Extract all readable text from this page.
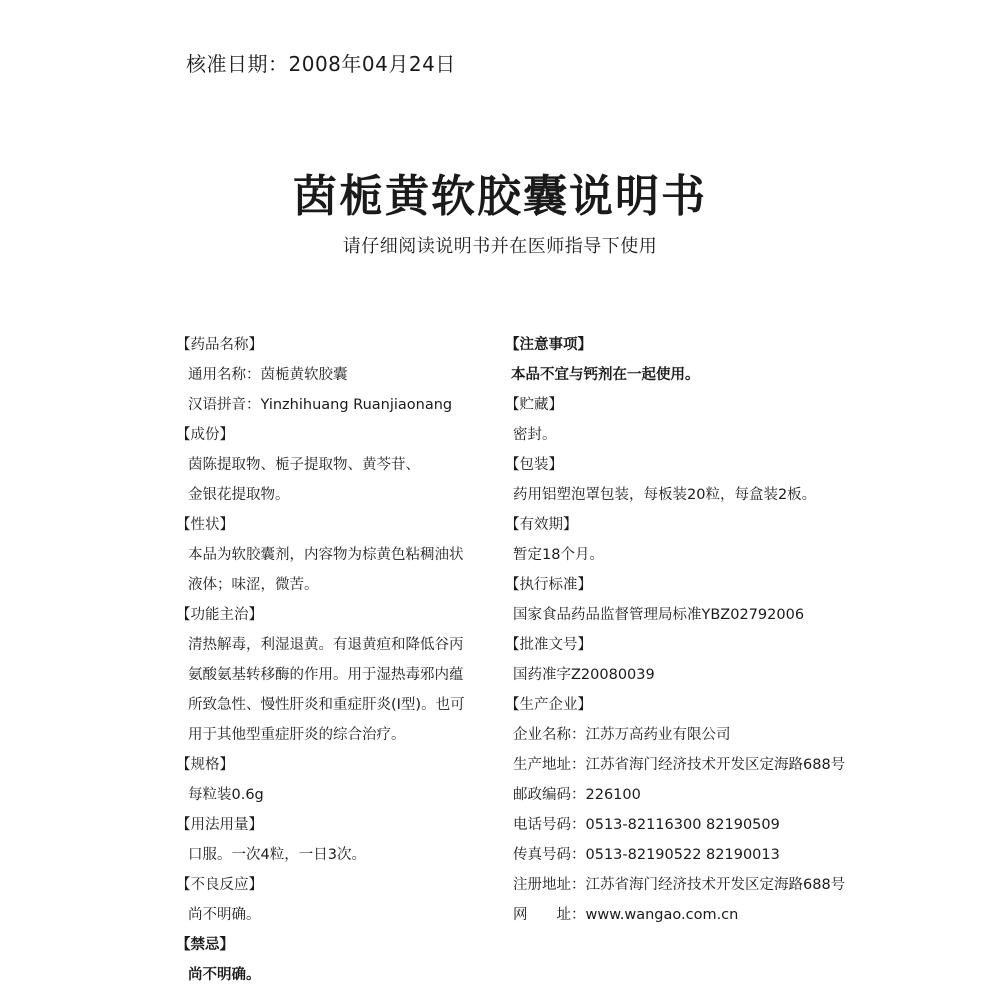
核准日期：2008年04月24日
茵栀黄软胶囊说明书
请仔细阅读说明书并在医师指导下使用
【药品名称】
通用名称：茵栀黄软胶囊
汉语拼音：Yinzhihuang Ruanjiaonang
【成份】
茵陈提取物、栀子提取物、黄芩苷、
金银花提取物。
【性状】
本品为软胶囊剂，内容物为棕黄色粘稠油状
液体；味涩，微苦。
【功能主治】
清热解毒，利湿退黄。有退黄疸和降低谷丙
氨酸氨基转移酶的作用。用于湿热毒邪内蕴
所致急性、慢性肝炎和重症肝炎(Ⅰ型)。也可
用于其他型重症肝炎的综合治疗。
【规格】
每粒装0.6g
【用法用量】
口服。一次4粒，一日3次。
【不良反应】
尚不明确。
【禁忌】
尚不明确。
【注意事项】
本品不宜与钙剂在一起使用。
【贮藏】
密封。
【包装】
药用铝塑泡罩包装，每板装20粒，每盒装2板。
【有效期】
暂定18个月。
【执行标准】
国家食品药品监督管理局标准YBZ02792006
【批准文号】
国药准字Z20080039
【生产企业】
企业名称：江苏万高药业有限公司
生产地址：江苏省海门经济技术开发区定海路688号
邮政编码：226100
电话号码：0513-82116300 82190509
传真号码：0513-82190522 82190013
注册地址：江苏省海门经济技术开发区定海路688号
网　　址：www.wangao.com.cn
